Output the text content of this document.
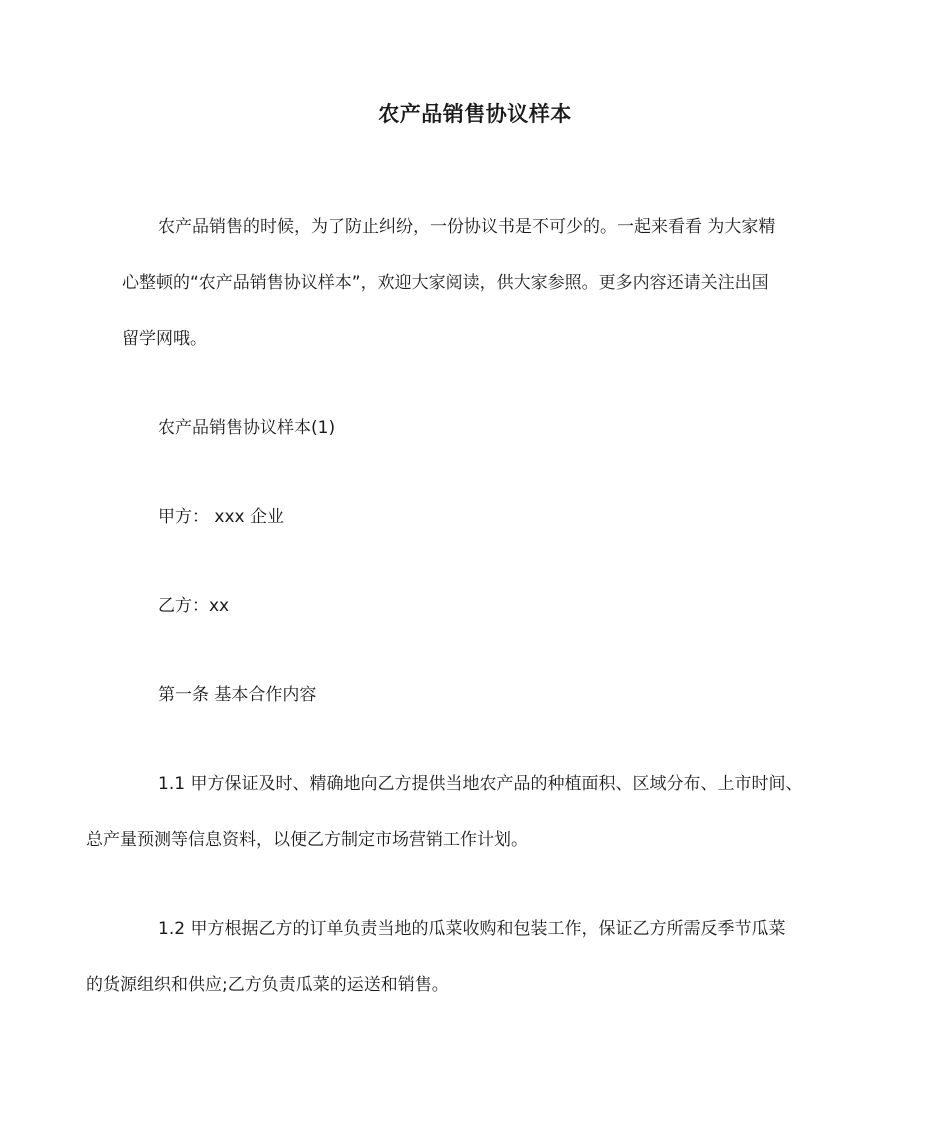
农产品销售协议样本

农产品销售的时候，为了防止纠纷，一份协议书是不可少的。一起来看看 为大家精
心整顿的“农产品销售协议样本”，欢迎大家阅读，供大家参照。更多内容还请关注出国
留学网哦。

农产品销售协议样本(1)

甲方： xxx 企业

乙方：xx

第一条 基本合作内容

1.1 甲方保证及时、精确地向乙方提供当地农产品的种植面积、区域分布、上市时间、
总产量预测等信息资料，以便乙方制定市场营销工作计划。

1.2 甲方根据乙方的订单负责当地的瓜菜收购和包装工作，保证乙方所需反季节瓜菜
的货源组织和供应;乙方负责瓜菜的运送和销售。
